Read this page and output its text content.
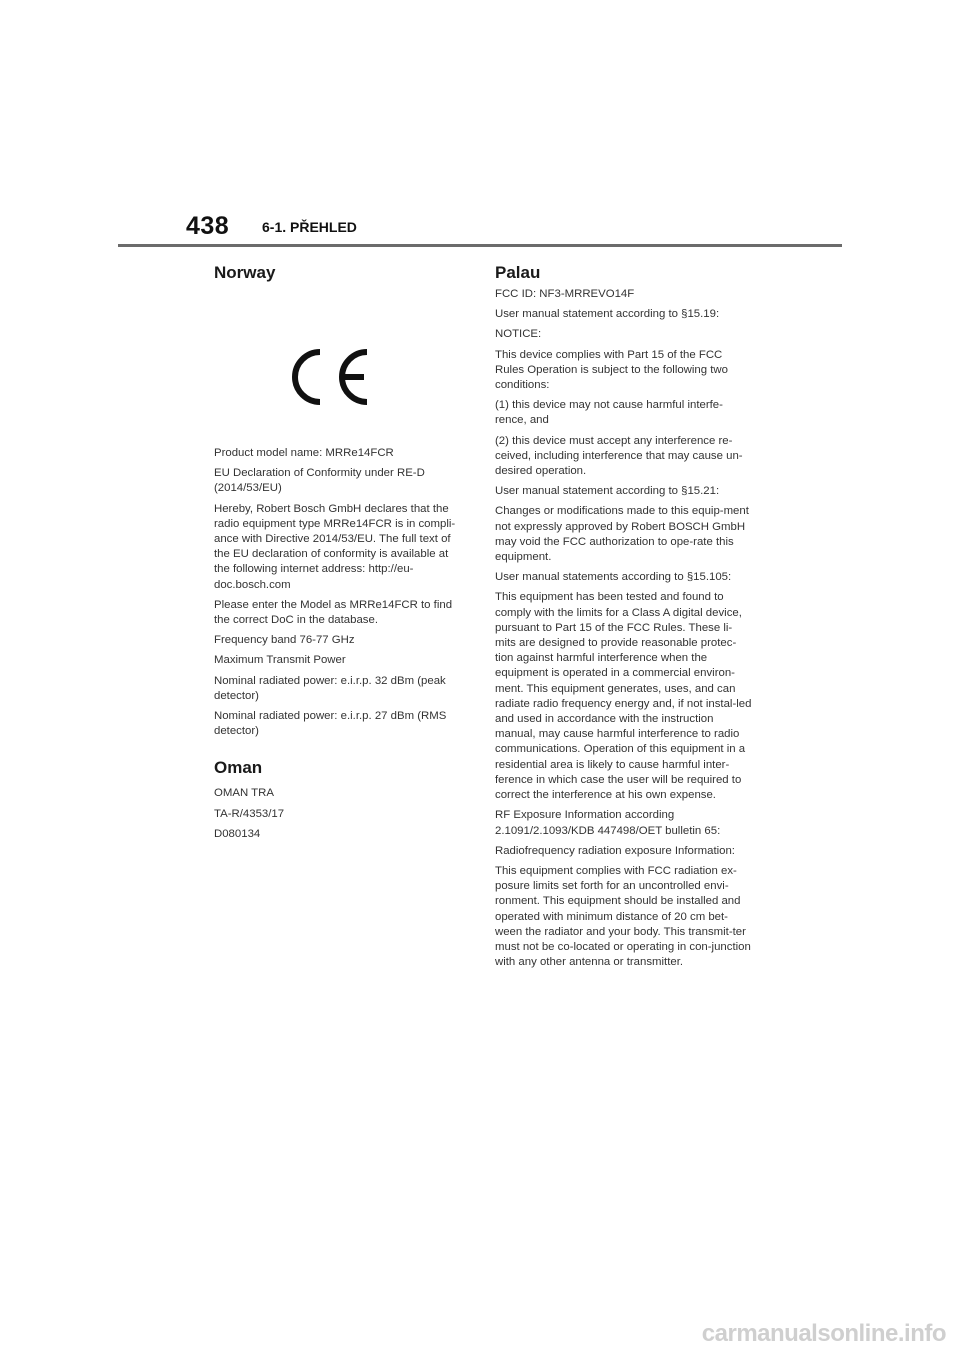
438 6-1. PŘEHLED
Norway

Product model name: MRRe14FCR

EU Declaration of Conformity under RE-D (2014/53/EU)

Hereby, Robert Bosch GmbH declares that the radio equipment type MRRe14FCR is in compli-ance with Directive 2014/53/EU. The full text of the EU declaration of conformity is available at the following internet address: http://eu-doc.bosch.com

Please enter the Model as MRRe14FCR to find the correct DoC in the database.

Frequency band 76-77 GHz

Maximum Transmit Power

Nominal radiated power: e.i.r.p. 32 dBm (peak detector)

Nominal radiated power: e.i.r.p. 27 dBm (RMS detector)

Oman

OMAN TRA

TA-R/4353/17

D080134

Palau

FCC ID: NF3-MRREVO14F

User manual statement according to §15.19:

NOTICE:

This device complies with Part 15 of the FCC Rules Operation is subject to the following two conditions:

(1) this device may not cause harmful interfe-rence, and

(2) this device must accept any interference re-ceived, including interference that may cause un-desired operation.

User manual statement according to §15.21:

Changes or modifications made to this equip-ment not expressly approved by Robert BOSCH GmbH may void the FCC authorization to ope-rate this equipment.

User manual statements according to §15.105:

This equipment has been tested and found to comply with the limits for a Class A digital device, pursuant to Part 15 of the FCC Rules. These li-mits are designed to provide reasonable protec-tion against harmful interference when the equipment is operated in a commercial environ-ment. This equipment generates, uses, and can radiate radio frequency energy and, if not instal-led and used in accordance with the instruction manual, may cause harmful interference to radio communications. Operation of this equipment in a residential area is likely to cause harmful inter-ference in which case the user will be required to correct the interference at his own expense.

RF Exposure Information according 2.1091/2.1093/KDB 447498/OET bulletin 65:

Radiofrequency radiation exposure Information:

This equipment complies with FCC radiation ex-posure limits set forth for an uncontrolled envi-ronment. This equipment should be installed and operated with minimum distance of 20 cm bet-ween the radiator and your body. This transmit-ter must not be co-located or operating in con-junction with any other antenna or transmitter.

carmanualsonline.info
